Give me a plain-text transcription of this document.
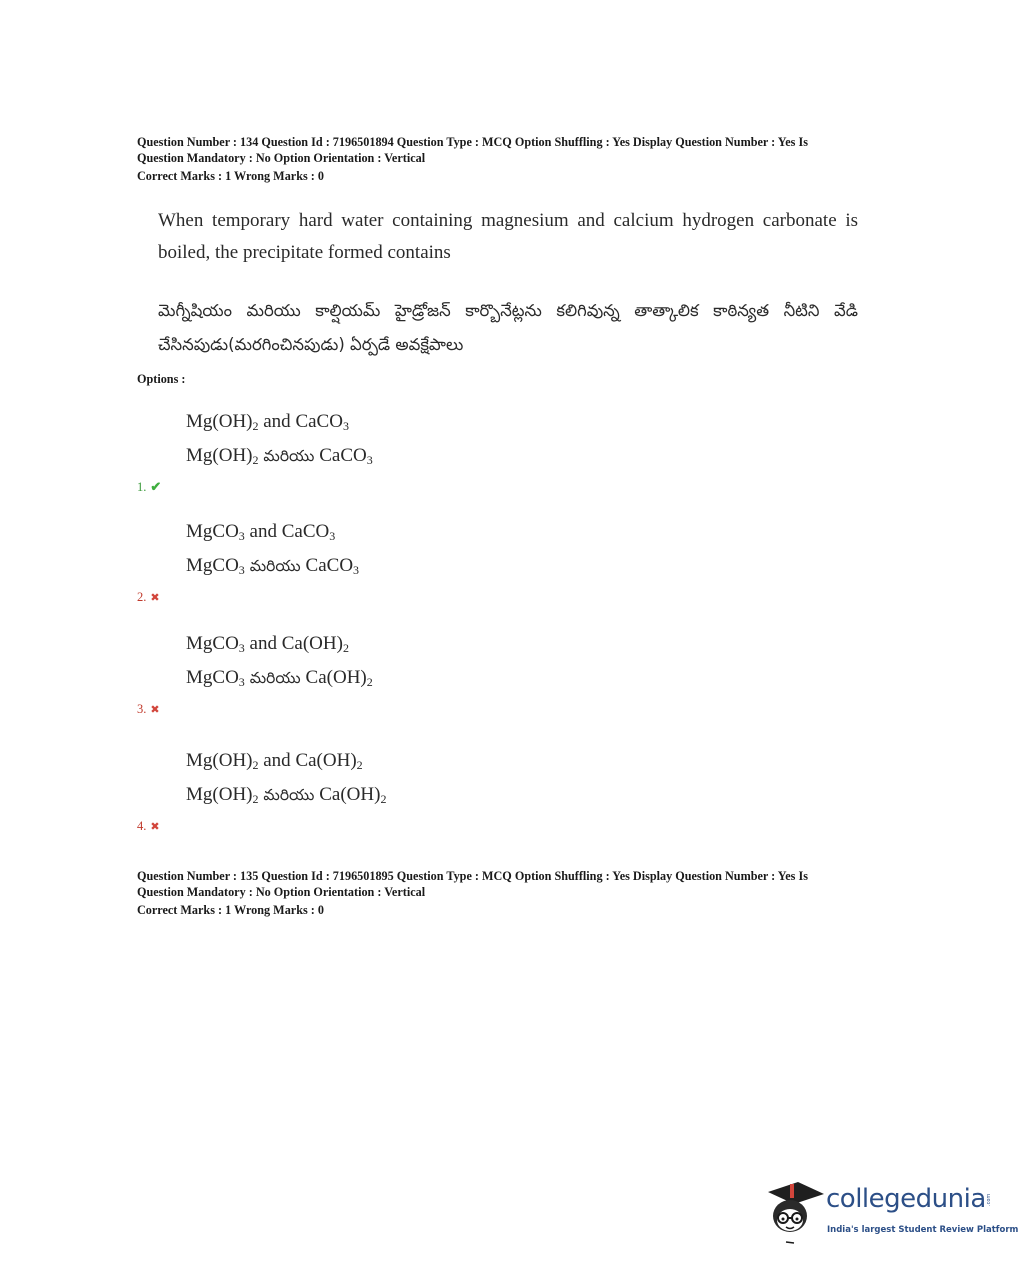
Question Number : 134 Question Id : 7196501894 Question Type : MCQ Option Shuffling : Yes Display Question Number : Yes Is
Question Mandatory : No Option Orientation : Vertical
Correct Marks : 1 Wrong Marks : 0
When temporary hard water containing magnesium and calcium hydrogen carbonate is boiled, the precipitate formed contains
మెగ్నీషియం మరియు కాల్షియమ్ హైడ్రోజన్ కార్బొనేట్లను కలిగివున్న తాత్కాలిక కాఠిన్యత నీటిని వేడి చేసినపుడు(మరగించినపుడు) ఏర్పడే అవక్షేపాలు
Options :
$Mg(OH)_2$ and CaCO$_3$
$Mg(OH)_2$ మరియు CaCO$_3$
1. ✔
MgCO$_3$ and CaCO$_3$
MgCO$_3$ మరియు CaCO$_3$
2. ✖
MgCO$_3$ and $Ca(OH)_2$
MgCO$_3$ మరియు $Ca(OH)_2$
3. ✖
$Mg(OH)_2$ and $Ca(OH)_2$
$Mg(OH)_2$ మరియు $Ca(OH)_2$
4. ✖
Question Number : 135 Question Id : 7196501895 Question Type : MCQ Option Shuffling : Yes Display Question Number : Yes Is
Question Mandatory : No Option Orientation : Vertical
Correct Marks : 1 Wrong Marks : 0
collegedunia .com
India's largest Student Review Platform
